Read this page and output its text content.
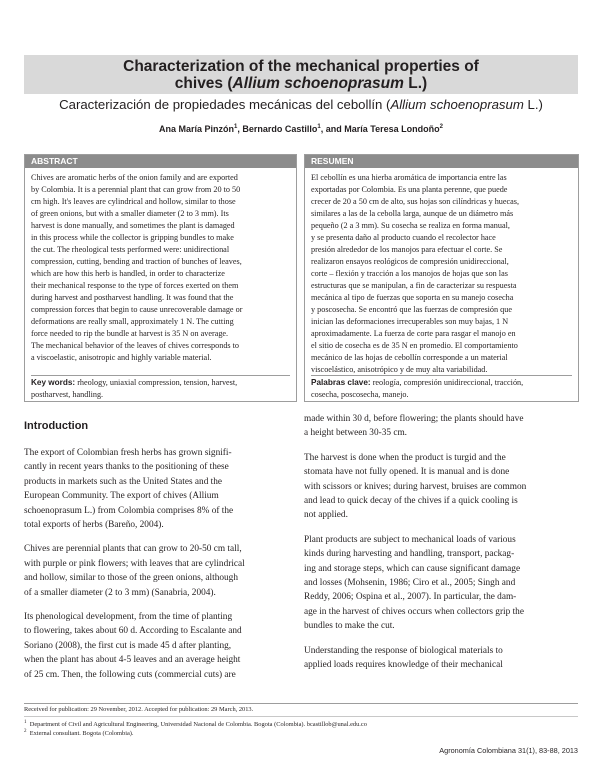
Characterization of the mechanical properties of
chives (Allium schoenoprasum L.)
Caracterización de propiedades mecánicas del cebollín (Allium schoenoprasum L.)
Ana María Pinzón$^1$, Bernardo Castillo$^1$, and María Teresa Londoño$^2$
ABSTRACT
Chives are aromatic herbs of the onion family and are exported
by Colombia. It is a perennial plant that can grow from 20 to 50
cm high. It's leaves are cylindrical and hollow, similar to those
of green onions, but with a smaller diameter (2 to 3 mm). Its
harvest is done manually, and sometimes the plant is damaged
in this process while the collector is gripping bundles to make
the cut. The rheological tests performed were: unidirectional
compression, cutting, bending and traction of bunches of leaves,
which are how this herb is handled, in order to characterize
their mechanical response to the type of forces exerted on them
during harvest and postharvest handling. It was found that the
compression forces that begin to cause unrecoverable damage or
deformations are really small, approximately 1 N. The cutting
force needed to rip the bundle at harvest is 35 N on average.
The mechanical behavior of the leaves of chives corresponds to
a viscoelastic, anisotropic and highly variable material.
Key words: rheology, uniaxial compression, tension, harvest,
postharvest, handling.
RESUMEN
El cebollín es una hierba aromática de importancia entre las
exportadas por Colombia. Es una planta perenne, que puede
crecer de 20 a 50 cm de alto, sus hojas son cilíndricas y huecas,
similares a las de la cebolla larga, aunque de un diámetro más
pequeño (2 a 3 mm). Su cosecha se realiza en forma manual,
y se presenta daño al producto cuando el recolector hace
presión alrededor de los manojos para efectuar el corte. Se
realizaron ensayos reológicos de compresión unidireccional,
corte – flexión y tracción a los manojos de hojas que son las
estructuras que se manipulan, a fin de caracterizar su respuesta
mecánica al tipo de fuerzas que soporta en su manejo cosecha
y poscosecha. Se encontró que las fuerzas de compresión que
inician las deformaciones irrecuperables son muy bajas, 1 N
aproximadamente. La fuerza de corte para rasgar el manojo en
el sitio de cosecha es de 35 N en promedio. El comportamiento
mecánico de las hojas de cebollín corresponde a un material
viscoelástico, anisotrópico y de muy alta variabilidad.
Palabras clave: reología, compresión unidireccional, tracción,
cosecha, poscosecha, manejo.
Introduction
The export of Colombian fresh herbs has grown signifi-
cantly in recent years thanks to the positioning of these
products in markets such as the United States and the
European Community. The export of chives (Allium
schoenoprasum L.) from Colombia comprises 8% of the
total exports of herbs (Bareño, 2004).
Chives are perennial plants that can grow to 20-50 cm tall,
with purple or pink flowers; with leaves that are cylindrical
and hollow, similar to those of the green onions, although
of a smaller diameter (2 to 3 mm) (Sanabria, 2004).
Its phenological development, from the time of planting
to flowering, takes about 60 d. According to Escalante and
Soriano (2008), the first cut is made 45 d after planting,
when the plant has about 4-5 leaves and an average height
of 25 cm. Then, the following cuts (commercial cuts) are
made within 30 d, before flowering; the plants should have
a height between 30-35 cm.
The harvest is done when the product is turgid and the
stomata have not fully opened. It is manual and is done
with scissors or knives; during harvest, bruises are common
and lead to quick decay of the chives if a quick cooling is
not applied.
Plant products are subject to mechanical loads of various
kinds during harvesting and handling, transport, packag-
ing and storage steps, which can cause significant damage
and losses (Mohsenin, 1986; Ciro et al., 2005; Singh and
Reddy, 2006; Ospina et al., 2007). In particular, the dam-
age in the harvest of chives occurs when collectors grip the
bundles to make the cut.
Understanding the response of biological materials to
applied loads requires knowledge of their mechanical
Received for publication: 29 November, 2012. Accepted for publication: 29 March, 2013.
$^1$ Department of Civil and Agricultural Engineering, Universidad Nacional de Colombia. Bogota (Colombia). bcastillob@unal.edu.co
$^2$ External consultant. Bogota (Colombia).
Agronomía Colombiana 31(1), 83-88, 2013
